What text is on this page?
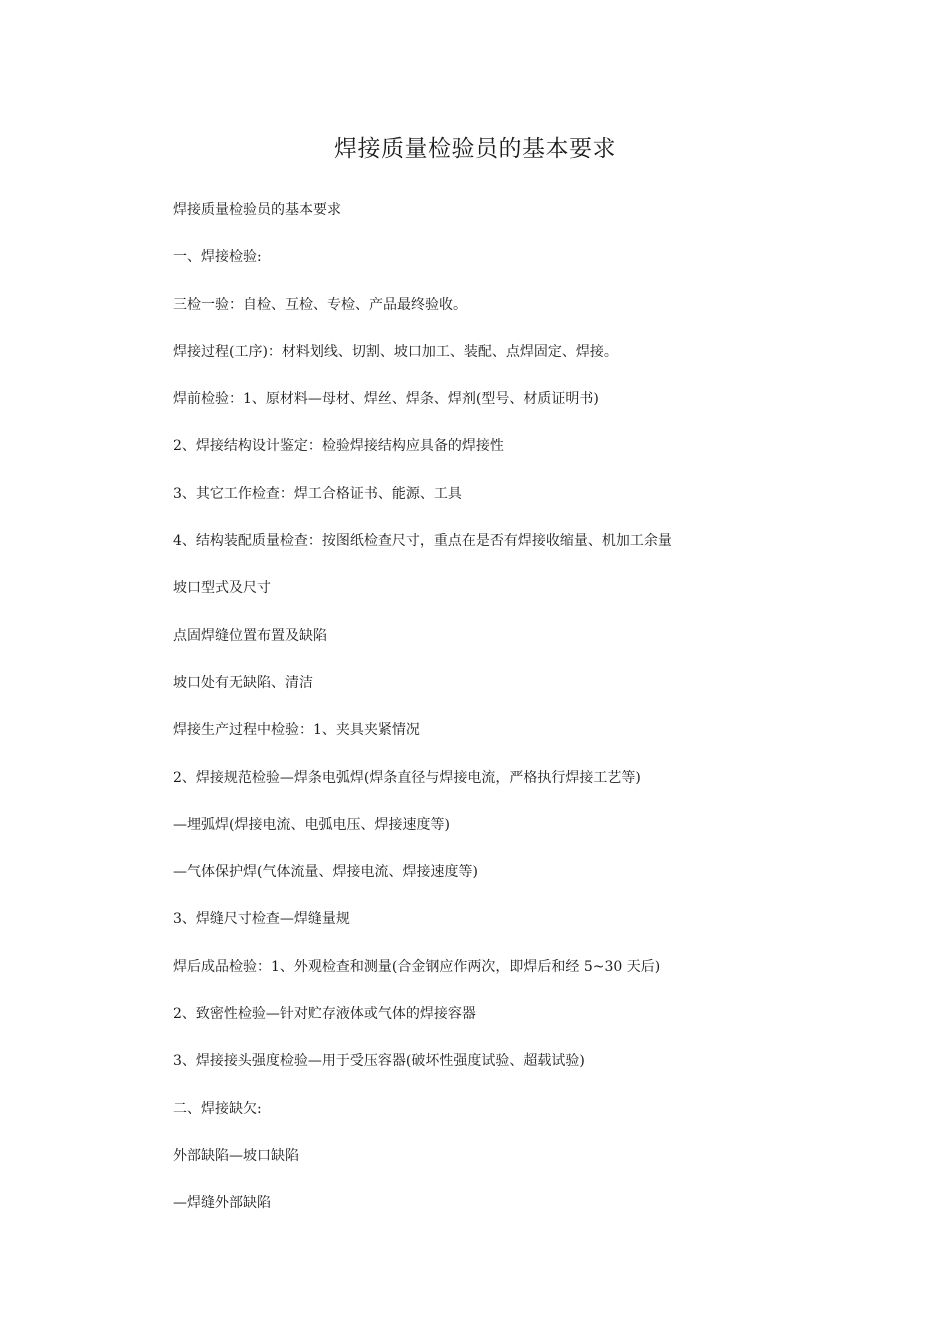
焊接质量检验员的基本要求
焊接质量检验员的基本要求
一、焊接检验:
三检一验：自检、互检、专检、产品最终验收。
焊接过程(工序)：材料划线、切割、坡口加工、装配、点焊固定、焊接。
焊前检验：1、原材料—母材、焊丝、焊条、焊剂(型号、材质证明书)
2、焊接结构设计鉴定：检验焊接结构应具备的焊接性
3、其它工作检查：焊工合格证书、能源、工具
4、结构装配质量检查：按图纸检查尺寸，重点在是否有焊接收缩量、机加工余量
坡口型式及尺寸
点固焊缝位置布置及缺陷
坡口处有无缺陷、清洁
焊接生产过程中检验：1、夹具夹紧情况
2、焊接规范检验—焊条电弧焊(焊条直径与焊接电流，严格执行焊接工艺等)
—埋弧焊(焊接电流、电弧电压、焊接速度等)
—气体保护焊(气体流量、焊接电流、焊接速度等)
3、焊缝尺寸检查—焊缝量规
焊后成品检验：1、外观检查和测量(合金钢应作两次，即焊后和经 5~30 天后)
2、致密性检验—针对贮存液体或气体的焊接容器
3、焊接接头强度检验—用于受压容器(破坏性强度试验、超载试验)
二、焊接缺欠:
外部缺陷—坡口缺陷
—焊缝外部缺陷
